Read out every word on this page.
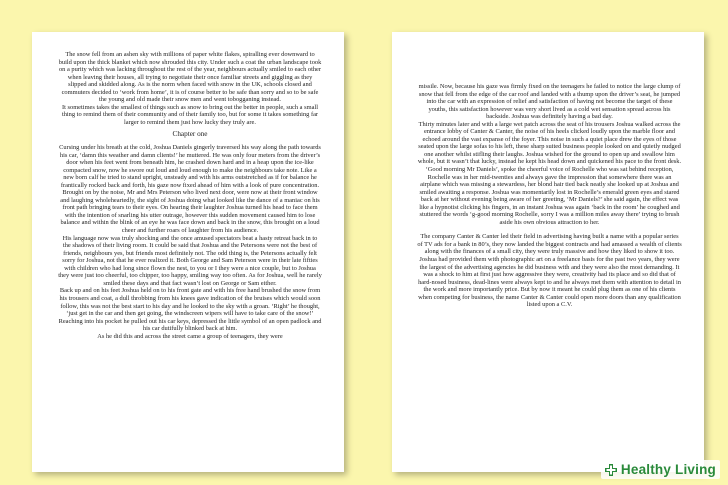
The snow fell from an ashen sky with millions of paper white flakes, spiralling ever downward to build upon the thick blanket which now shrouded this city. Under such a coat the urban landscape took on a purity which was lacking throughout the rest of the year, neighbours actually smiled to each other when leaving their houses, all trying to negotiate their once familiar streets and giggling as they slipped and skidded along. As is the norm when faced with snow in the UK, schools closed and commuters decided to ‘work from home’, it is of course better to be safe than sorry and so to be safe the young and old made their snow men and went tobogganing instead.

It sometimes takes the smallest of things such as snow to bring out the better in people, such a small thing to remind them of their community and of their family too, but for some it takes something far larger to remind them just how lucky they truly are.

Chapter one

Cursing under his breath at the cold, Joshua Daniels gingerly traversed his way along the path towards his car, ‘damn this weather and damn clients!’ he muttered. He was only four meters from the driver’s door when his feet went from beneath him, he crashed down hard and in a heap upon the ice-like compacted snow, now he swore out loud and loud enough to make the neighbours take note. Like a new born calf he tried to stand upright, unsteady and with his arms outstretched as if for balance he frantically rocked back and forth, his gaze now fixed ahead of him with a look of pure concentration. Brought on by the noise, Mr and Mrs Peterson who lived next door, were now at their front window and laughing wholeheartedly, the sight of Joshua doing what looked like the dance of a maniac on his front path bringing tears to their eyes. On hearing their laughter Joshua turned his head to face them with the intention of snarling his utter outrage, however this sudden movement caused him to lose balance and within the blink of an eye he was face down and back in the snow, this brought on a loud cheer and further roars of laughter from his audience.

His language now was truly shocking and the once amused spectators beat a hasty retreat back in to the shadows of their living room. It could be said that Joshua and the Petersons were not the best of friends, neighbours yes, but friends most definitely not. The odd thing is, the Petersons actually felt sorry for Joshua, not that he ever realized it. Both George and Sam Peterson were in their late fifties with children who had long since flown the nest, to you or I they were a nice couple, but to Joshua they were just too cheerful, too chipper, too happy, smiling way too often. As for Joshua, well he rarely smiled these days and that fact wasn’t lost on George or Sam either.

Back up and on his feet Joshua held on to his front gate and with his free hand brushed the snow from his trousers and coat, a dull throbbing from his knees gave indication of the bruises which would soon follow, this was not the best start to his day and he looked to the sky with a groan. ‘Right’ he thought, ‘just get in the car and then get going, the windscreen wipers will have to take care of the snow!’ Reaching into his pocket he pulled out his car keys, depressed the little symbol of an open padlock and his car dutifully blinked back at him.

As he did this and across the street came a group of teenagers, they were

missile. Now, because his gaze was firmly fixed on the teenagers he failed to notice the large clump of snow that fell from the edge of the car roof and landed with a thump upon the driver’s seat, he jumped into the car with an expression of relief and satisfaction of having not become the target of these youths, this satisfaction however was very short lived as a cold wet sensation spread across his backside. Joshua was definitely having a bad day.

Thirty minutes later and with a large wet patch across the seat of his trousers Joshua walked across the entrance lobby of Canter & Canter, the noise of his heels clicked loudly upon the marble floor and echoed around the vast expanse of the foyer. This noise in such a quiet place drew the eyes of those seated upon the large sofas to his left, these sharp suited business people looked on and quietly nudged one another whilst stifling their laughs. Joshua wished for the ground to open up and swallow him whole, but it wasn’t that lucky, instead he kept his head down and quickened his pace to the front desk.

‘Good morning Mr Daniels’, spoke the cheerful voice of Rochelle who was sat behind reception, Rochelle was in her mid-twenties and always gave the impression that somewhere there was an airplane which was missing a stewardess, her blond hair tied back neatly she looked up at Joshua and smiled awaiting a response. Joshua was momentarily lost in Rochelle’s emerald green eyes and stared back at her without evening being aware of her greeting, ‘Mr Daniels?’ she said again, the effect was like a hypnotist clicking his fingers, in an instant Joshua was again ‘back in the room’ he coughed and stuttered the words ‘g-good morning Rochelle, sorry I was a million miles away there’ trying to brush aside his own obvious attraction to her.

The company Canter & Canter led their field in advertising having built a name with a popular series of TV ads for a bank in 80’s, they now landed the biggest contracts and had amassed a wealth of clients along with the finances of a small city, they were truly massive and how they liked to show it too. Joshua had provided them with photographic art on a freelance basis for the past two years, they were the largest of the advertising agencies he did business with and they were also the most demanding. It was a shock to him at first just how aggressive they were, creativity had its place and so did that of hard-nosed business, dead-lines were always kept to and he always met them with attention to detail in the work and more importantly price. But by now it meant he could plug them as one of his clients when competing for business, the name Canter & Canter could open more doors than any qualification listed upon a C.V.

Healthy Living
